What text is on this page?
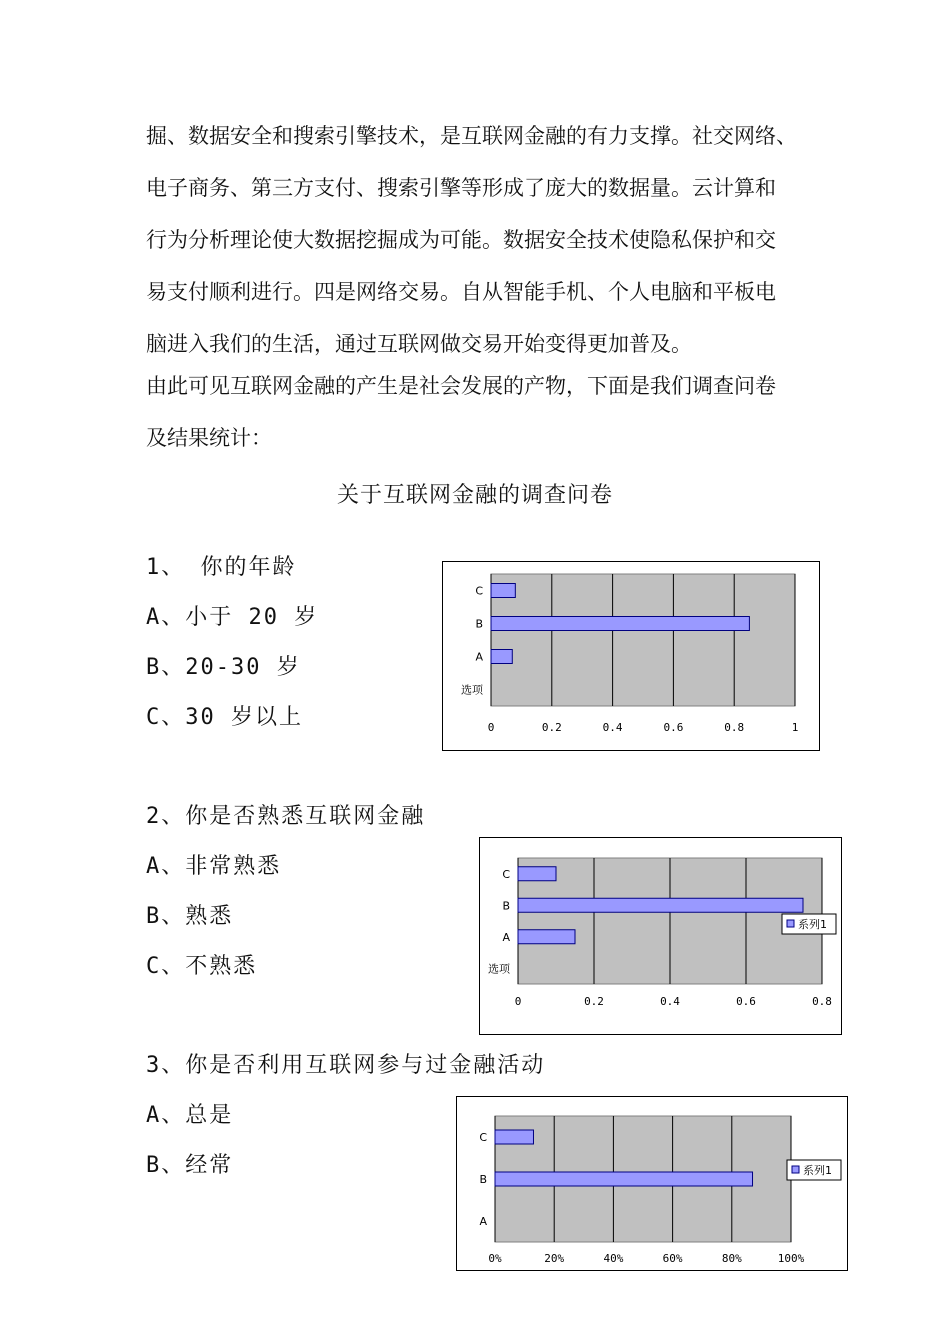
掘、数据安全和搜索引擎技术，是互联网金融的有力支撑。社交网络、
电子商务、第三方支付、搜索引擎等形成了庞大的数据量。云计算和
行为分析理论使大数据挖掘成为可能。数据安全技术使隐私保护和交
易支付顺利进行。四是网络交易。自从智能手机、个人电脑和平板电
脑进入我们的生活，通过互联网做交易开始变得更加普及。
由此可见互联网金融的产生是社会发展的产物，下面是我们调查问卷
及结果统计：
关于互联网金融的调查问卷
1、 你的年龄
A、小于 20 岁
B、20-30 岁
C、30 岁以上
2、你是否熟悉互联网金融
A、非常熟悉
B、熟悉
C、不熟悉
3、你是否利用互联网参与过金融活动
A、总是
B、经常
0	0.2	0.4	0.6	0.8	1
选项
A
B
C
0	0.2	0.4	0.6	0.8
选项
A
B
C
系列1
0%	20%	40%	60%	80%	100%
A
B
C
系列1
